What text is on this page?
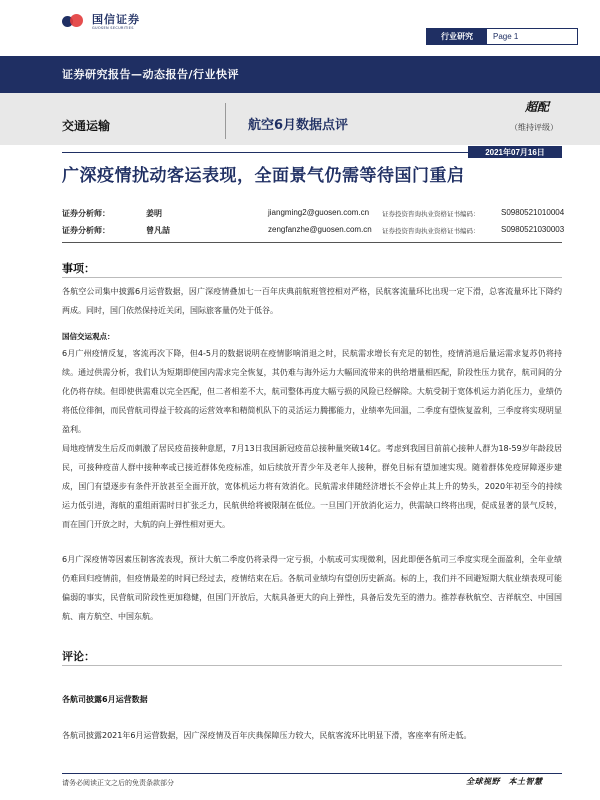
国信证券
GUOSEN SECURITIES
行业研究	Page 1
证券研究报告—动态报告/行业快评
交通运输	航空6月数据点评
超配
（维持评级）
2021年07月16日
广深疫情扰动客运表现，全面景气仍需等待国门重启
证券分析师：	姜明	jiangming2@guosen.com.cn 证券投资咨询执业资格证书编码：	S0980521010004
证券分析师：	曾凡喆	zengfanzhe@guosen.com.cn 证券投资咨询执业资格证书编码：	S0980521030003
事项：
各航空公司集中披露6月运营数据，因广深疫情叠加七一百年庆典前航班管控相对严格，民航客流量环比出现一定下滑，总客流量环比下降约两成。同时，国门依然保持近关闭，国际旅客量仍处于低谷。
国信交运观点：
6月广州疫情反复，客流再次下降，但4-5月的数据说明在疫情影响消退之时，民航需求增长有充足的韧性，疫情消退后量运需求复苏仍将持续。通过供需分析，我们认为短期即使国内需求完全恢复，其仍难与海外运力大幅回流带来的供给增量相匹配，阶段性压力犹存，航司间的分化仍将存续。但即使供需难以完全匹配，但二者相差不大，航司整体再度大幅亏损的风险已经解除。大航受制于宽体机运力消化压力，业绩仍将低位徘徊，而民营航司得益于较高的运营效率和精简机队下的灵活运力腾挪能力，业绩率先回温，二季度有望恢复盈利，三季度将实现明显盈利。
局地疫情发生后反而刺激了居民疫苗接种意愿，7月13日我国新冠疫苗总接种量突破14亿。考虑到我国目前前心接种人群为18-59岁年龄段居民，可接种疫苗人群中接种率或已接近群体免疫标准，如后续放开青少年及老年人接种，群免目标有望加速实现。随着群体免疫屏障逐步建成，国门有望逐步有条件开放甚至全面开放，宽体机运力将有效消化。民航需求伴随经济增长不会停止其上升的势头，2020年初至今的持续运力低引进，海航的重组雨需时日扩张乏力，民航供给将被限制在低位。一旦国门开放消化运力，供需缺口终将出现，促成显著的景气反转，而在国门开放之时，大航的向上弹性相对更大。
6月广深疫情等因素压制客流表现，预计大航二季度仍将录得一定亏损，小航或可实现微利，因此即便各航司三季度实现全面盈利，全年业绩仍难回归疫情前，但疫情最差的时间已经过去，疫情结束在后。各航司业绩均有望创历史新高。标的上，我们并不回避短期大航业绩表现可能偏弱的事实，民营航司阶段性更加稳健，但国门开放后，大航具备更大的向上弹性，具备后发先至的潜力。推荐春秋航空、吉祥航空、中国国航、南方航空、中国东航。
评论：
各航司披露6月运营数据
各航司披露2021年6月运营数据，因广深疫情及百年庆典保障压力较大，民航客流环比明显下滑，客座率有所走低。
请务必阅读正文之后的免责条款部分	全球视野　本土智慧
